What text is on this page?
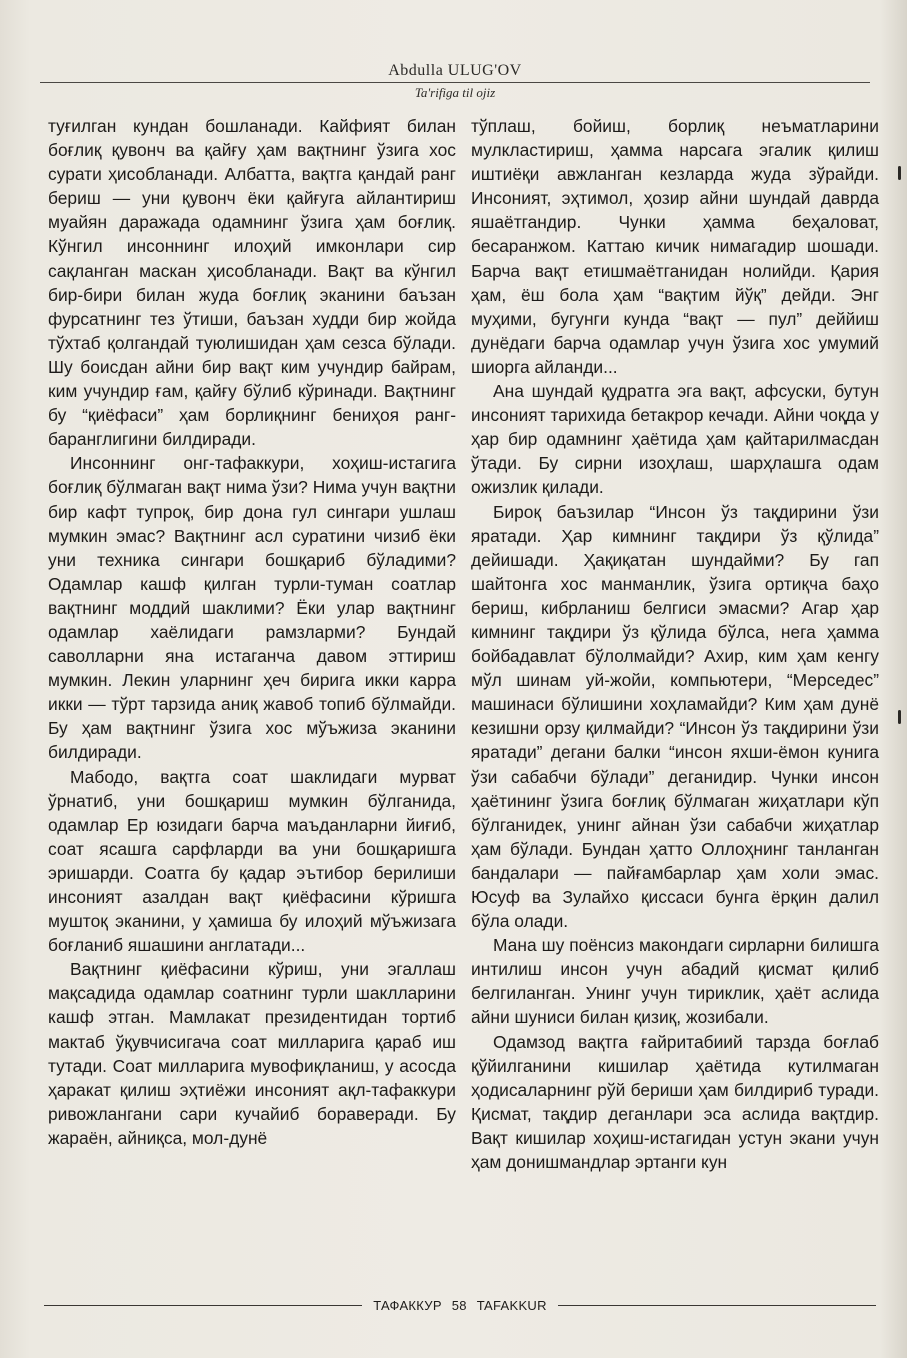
Abdulla ULUG'OV
Ta'rifiga til ojiz

туғилган кундан бошланади. Кайфият билан боғлиқ қувонч ва қайғу ҳам вақтнинг ўзига хос сурати ҳисобланади. Албатта, вақтга қандай ранг бериш — уни қувонч ёки қайғуга айлантириш муайян даражада одамнинг ўзига ҳам боғлиқ. Кўнгил инсоннинг илоҳий имконлари сир сақланган маскан ҳисобланади. Вақт ва кўнгил бир-бири билан жуда боғлиқ эканини баъзан фурсатнинг тез ўтиши, баъзан худди бир жойда тўхтаб қолгандай туюлишидан ҳам сезса бўлади. Шу боисдан айни бир вақт ким учундир байрам, ким учундир ғам, қайғу бўлиб кўринади. Вақтнинг бу “қиёфаси” ҳам борлиқнинг бениҳоя ранг-баранглигини билдиради.

Инсоннинг онг-тафаккури, хоҳиш-истагига боғлиқ бўлмаган вақт нима ўзи? Нима учун вақтни бир кафт тупроқ, бир дона гул сингари ушлаш мумкин эмас? Вақтнинг асл суратини чизиб ёки уни техника сингари бошқариб бўладими? Одамлар кашф қилган турли-туман соатлар вақтнинг моддий шаклими? Ёки улар вақтнинг одамлар хаёлидаги рамзларми? Бундай саволларни яна истаганча давом эттириш мумкин. Лекин уларнинг ҳеч бирига икки карра икки — тўрт тарзида аниқ жавоб топиб бўлмайди. Бу ҳам вақтнинг ўзига хос мўъжиза эканини билдиради.

Мабодо, вақтга соат шаклидаги мурват ўрнатиб, уни бошқариш мумкин бўлганида, одамлар Ер юзидаги барча маъданларни йиғиб, соат ясашга сарфларди ва уни бошқаришга эришарди. Соатга бу қадар эътибор берилиши инсоният азалдан вақт қиёфасини кўришга муштоқ эканини, у ҳамиша бу илоҳий мўъжизага боғланиб яшашини англатади...

Вақтнинг қиёфасини кўриш, уни эгаллаш мақсадида одамлар соатнинг турли шаклларини кашф этган. Мамлакат президентидан тортиб мактаб ўқувчисигача соат милларига қараб иш тутади. Соат милларига мувофиқланиш, у асосда ҳаракат қилиш эҳтиёжи инсоният ақл-тафаккури ривожлангани сари кучайиб бораверади. Бу жараён, айниқса, мол-дунё

тўплаш, бойиш, борлиқ неъматларини мулкластириш, ҳамма нарсага эгалик қилиш иштиёқи авжланган кезларда жуда зўрайди. Инсоният, эҳтимол, ҳозир айни шундай даврда яшаётгандир. Чунки ҳамма беҳаловат, бесаранжом. Каттаю кичик нимагадир шошади. Барча вақт етишмаётганидан нолийди. Қария ҳам, ёш бола ҳам “вақтим йўқ” дейди. Энг муҳими, бугунги кунда “вақт — пул” деййиш дунёдаги барча одамлар учун ўзига хос умумий шиорга айланди...

Ана шундай қудратга эга вақт, афсуски, бутун инсоният тарихида бетакрор кечади. Айни чоқда у ҳар бир одамнинг ҳаётида ҳам қайтарилмасдан ўтади. Бу сирни изоҳлаш, шарҳлашга одам ожизлик қилади.

Бироқ баъзилар “Инсон ўз тақдирини ўзи яратади. Ҳар кимнинг тақдири ўз қўлида” дейишади. Ҳақиқатан шундайми? Бу гап шайтонга хос манманлик, ўзига ортиқча баҳо бериш, кибрланиш белгиси эмасми? Агар ҳар кимнинг тақдири ўз қўлида бўлса, нега ҳамма бойбадавлат бўлолмайди? Ахир, ким ҳам кенгу мўл шинам уй-жойи, компьютери, “Мерседес” машинаси бўлишини хоҳламайди? Ким ҳам дунё кезишни орзу қилмайди? “Инсон ўз тақдирини ўзи яратади” дегани балки “инсон яхши-ёмон кунига ўзи сабабчи бўлади” деганидир. Чунки инсон ҳаётининг ўзига боғлиқ бўлмаган жиҳатлари кўп бўлганидек, унинг айнан ўзи сабабчи жиҳатлар ҳам бўлади. Бундан ҳатто Оллоҳнинг танланган бандалари — пайғамбарлар ҳам холи эмас. Юсуф ва Зулайхо қиссаси бунга ёрқин далил бўла олади.

Мана шу поёнсиз макондаги сирларни билишга интилиш инсон учун абадий қисмат қилиб белгиланган. Унинг учун тириклик, ҳаёт аслида айни шуниси билан қизиқ, жозибали.

Одамзод вақтга ғайритабиий тарзда боғлаб қўйилганини кишилар ҳаётида кутилмаган ҳодисаларнинг рўй бериши ҳам билдириб туради. Қисмат, тақдир деганлари эса аслида вақтдир. Вақт кишилар хоҳиш-истагидан устун экани учун ҳам донишмандлар эртанги кун

ТАФАККУР 58 TAFAKKUR
